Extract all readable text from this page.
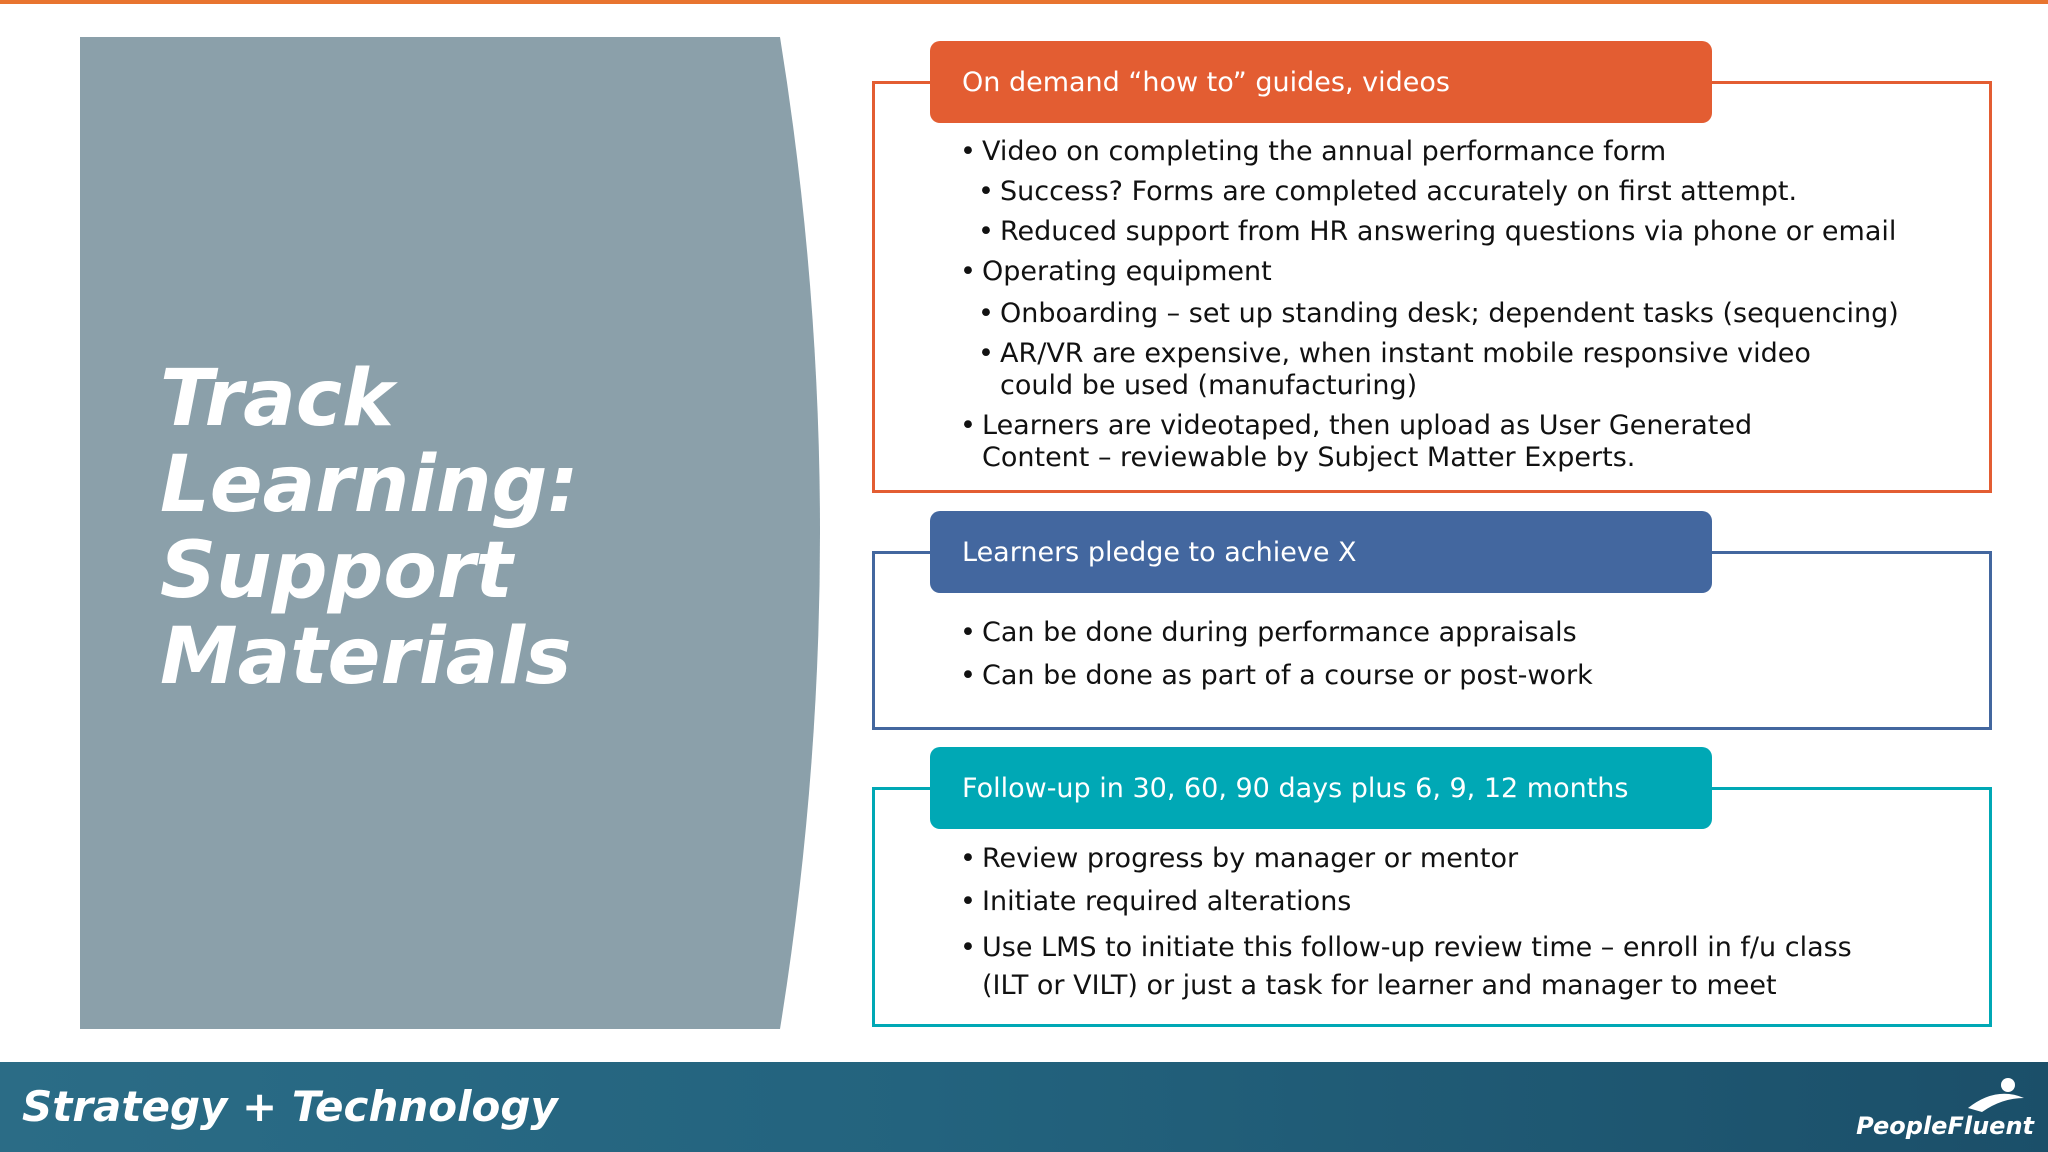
Track
Learning:
Support
Materials
On demand “how to” guides, videos
• Video on completing the annual performance form
• Success? Forms are completed accurately on first attempt.
• Reduced support from HR answering questions via phone or email
• Operating equipment
• Onboarding – set up standing desk; dependent tasks (sequencing)
• AR/VR are expensive, when instant mobile responsive video could be used (manufacturing)
• Learners are videotaped, then upload as User Generated Content – reviewable by Subject Matter Experts.
Learners pledge to achieve X
• Can be done during performance appraisals
• Can be done as part of a course or post-work
Follow-up in 30, 60, 90 days plus 6, 9, 12 months
• Review progress by manager or mentor
• Initiate required alterations
• Use LMS to initiate this follow-up review time – enroll in f/u class (ILT or VILT) or just a task for learner and manager to meet
Strategy + Technology	PeopleFluent
